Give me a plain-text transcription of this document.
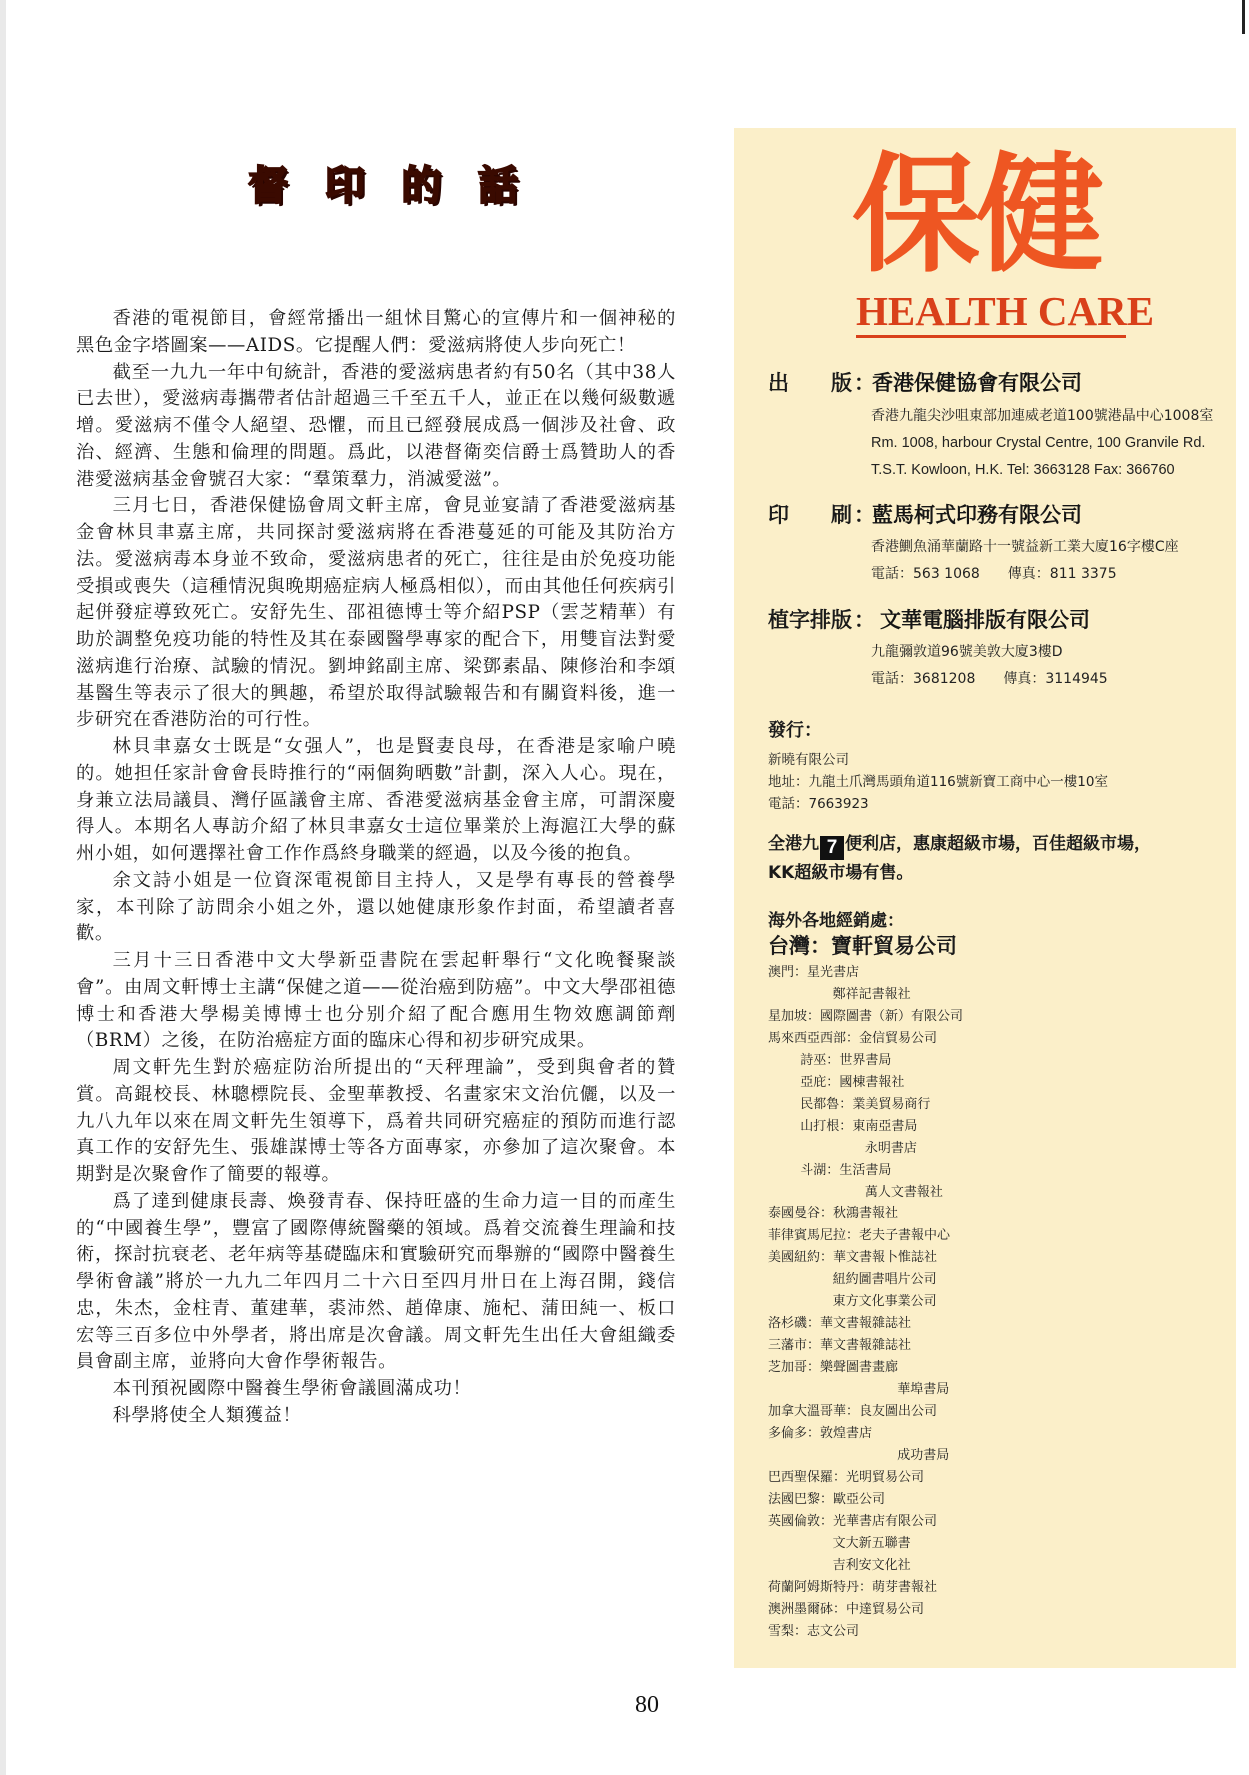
督 印 的 話

香港的電視節目，會經常播出一組怵目驚心的宣傳片和一個神秘的黑色金字塔圖案——AIDS。它提醒人們：愛滋病將使人步向死亡！

截至一九九一年中旬統計，香港的愛滋病患者約有50名（其中38人已去世），愛滋病毒攜帶者估計超過三千至五千人，並正在以幾何級數遞增。愛滋病不僅令人絕望、恐懼，而且已經發展成爲一個涉及社會、政治、經濟、生態和倫理的問題。爲此，以港督衛奕信爵士爲贊助人的香港愛滋病基金會號召大家：“羣策羣力，消滅愛滋”。

三月七日，香港保健協會周文軒主席，會見並宴請了香港愛滋病基金會林貝聿嘉主席，共同探討愛滋病將在香港蔓延的可能及其防治方法。愛滋病毒本身並不致命，愛滋病患者的死亡，往往是由於免疫功能受損或喪失（這種情況與晚期癌症病人極爲相似），而由其他任何疾病引起併發症導致死亡。安舒先生、邵祖德博士等介紹PSP（雲芝精華）有助於調整免疫功能的特性及其在泰國醫學專家的配合下，用雙盲法對愛滋病進行治療、試驗的情況。劉坤銘副主席、梁鄧素晶、陳修治和李頌基醫生等表示了很大的興趣，希望於取得試驗報告和有關資料後，進一步研究在香港防治的可行性。

林貝聿嘉女士既是“女强人”，也是賢妻良母，在香港是家喻户曉的。她担任家計會會長時推行的“兩個夠晒數”計劃，深入人心。現在，身兼立法局議員、灣仔區議會主席、香港愛滋病基金會主席，可謂深慶得人。本期名人專訪介紹了林貝聿嘉女士這位畢業於上海滬江大學的蘇州小姐，如何選擇社會工作作爲終身職業的經過，以及今後的抱負。

余文詩小姐是一位資深電視節目主持人，又是學有專長的營養學家，本刊除了訪問余小姐之外，還以她健康形象作封面，希望讀者喜歡。

三月十三日香港中文大學新亞書院在雲起軒舉行“文化晚餐聚談會”。由周文軒博士主講“保健之道——從治癌到防癌”。中文大學邵祖德博士和香港大學楊美博博士也分别介紹了配合應用生物效應調節劑（BRM）之後，在防治癌症方面的臨床心得和初步研究成果。

周文軒先生對於癌症防治所提出的“天秤理論”，受到與會者的贊賞。高錕校長、林聰標院長、金聖華教授、名畫家宋文治伉儷，以及一九八九年以來在周文軒先生領導下，爲着共同研究癌症的預防而進行認真工作的安舒先生、張雄謀博士等各方面專家，亦參加了這次聚會。本期對是次聚會作了簡要的報導。

爲了達到健康長壽、煥發青春、保持旺盛的生命力這一目的而產生的“中國養生學”，豐富了國際傳統醫藥的領域。爲着交流養生理論和技術，探討抗衰老、老年病等基礎臨床和實驗研究而舉辦的“國際中醫養生學術會議”將於一九九二年四月二十六日至四月卅日在上海召開，錢信忠，朱杰，金柱青、董建華，裘沛然、趙偉康、施杞、蒲田純一、板口宏等三百多位中外學者，將出席是次會議。周文軒先生出任大會組織委員會副主席，並將向大會作學術報告。

本刊預祝國際中醫養生學術會議圓滿成功！

科學將使全人類獲益！

80
保健
HEALTH CARE
出　　版：
香港保健協會有限公司
香港九龍尖沙咀東部加連威老道100號港晶中心1008室
Rm. 1008, harbour Crystal Centre, 100 Granvile Rd.
T.S.T. Kowloon, H.K. Tel: 3663128 Fax: 366760
印　　刷：
藍馬柯式印務有限公司
香港鰂魚涌華蘭路十一號益新工業大廈16字樓C座
電話：563 1068　　傳真：811 3375
植字排版： 文華電腦排版有限公司
九龍彌敦道96號美敦大廈3樓D
電話：3681208　　傳真：3114945
發行：
新曉有限公司
地址：九龍土爪灣馬頭角道116號新寶工商中心一樓10室
電話：7663923
全港九 7 便利店，惠康超級市場，百佳超級市場，
KK超級市場有售。
海外各地經銷處：
台灣：寶軒貿易公司
澳門：星光書店
鄭祥記書報社
星加坡：國際圖書（新）有限公司
馬來西亞西部：金信貿易公司
詩巫：世界書局
亞庇：國棟書報社
民都魯：業美貿易商行
山打根：東南亞書局
永明書店
斗湖：生活書局
萬人文書報社
泰國曼谷：秋鴻書報社
菲律賓馬尼拉：老夫子書報中心
美國紐約：華文書報卜惟誌社
紐約圖書唱片公司
東方文化事業公司
洛杉磯：華文書報雜誌社
三藩市：華文書報雜誌社
芝加哥：樂聲圖書畫廊
華埠書局
加拿大溫哥華：良友圖出公司
多倫多：敦煌書店
成功書局
巴西聖保羅：光明貿易公司
法國巴黎：歐亞公司
英國倫敦：光華書店有限公司
文大新五聯書
吉利安文化社
荷蘭阿姆斯特丹：萌芽書報社
澳洲墨爾砵：中達貿易公司
雪梨：志文公司
